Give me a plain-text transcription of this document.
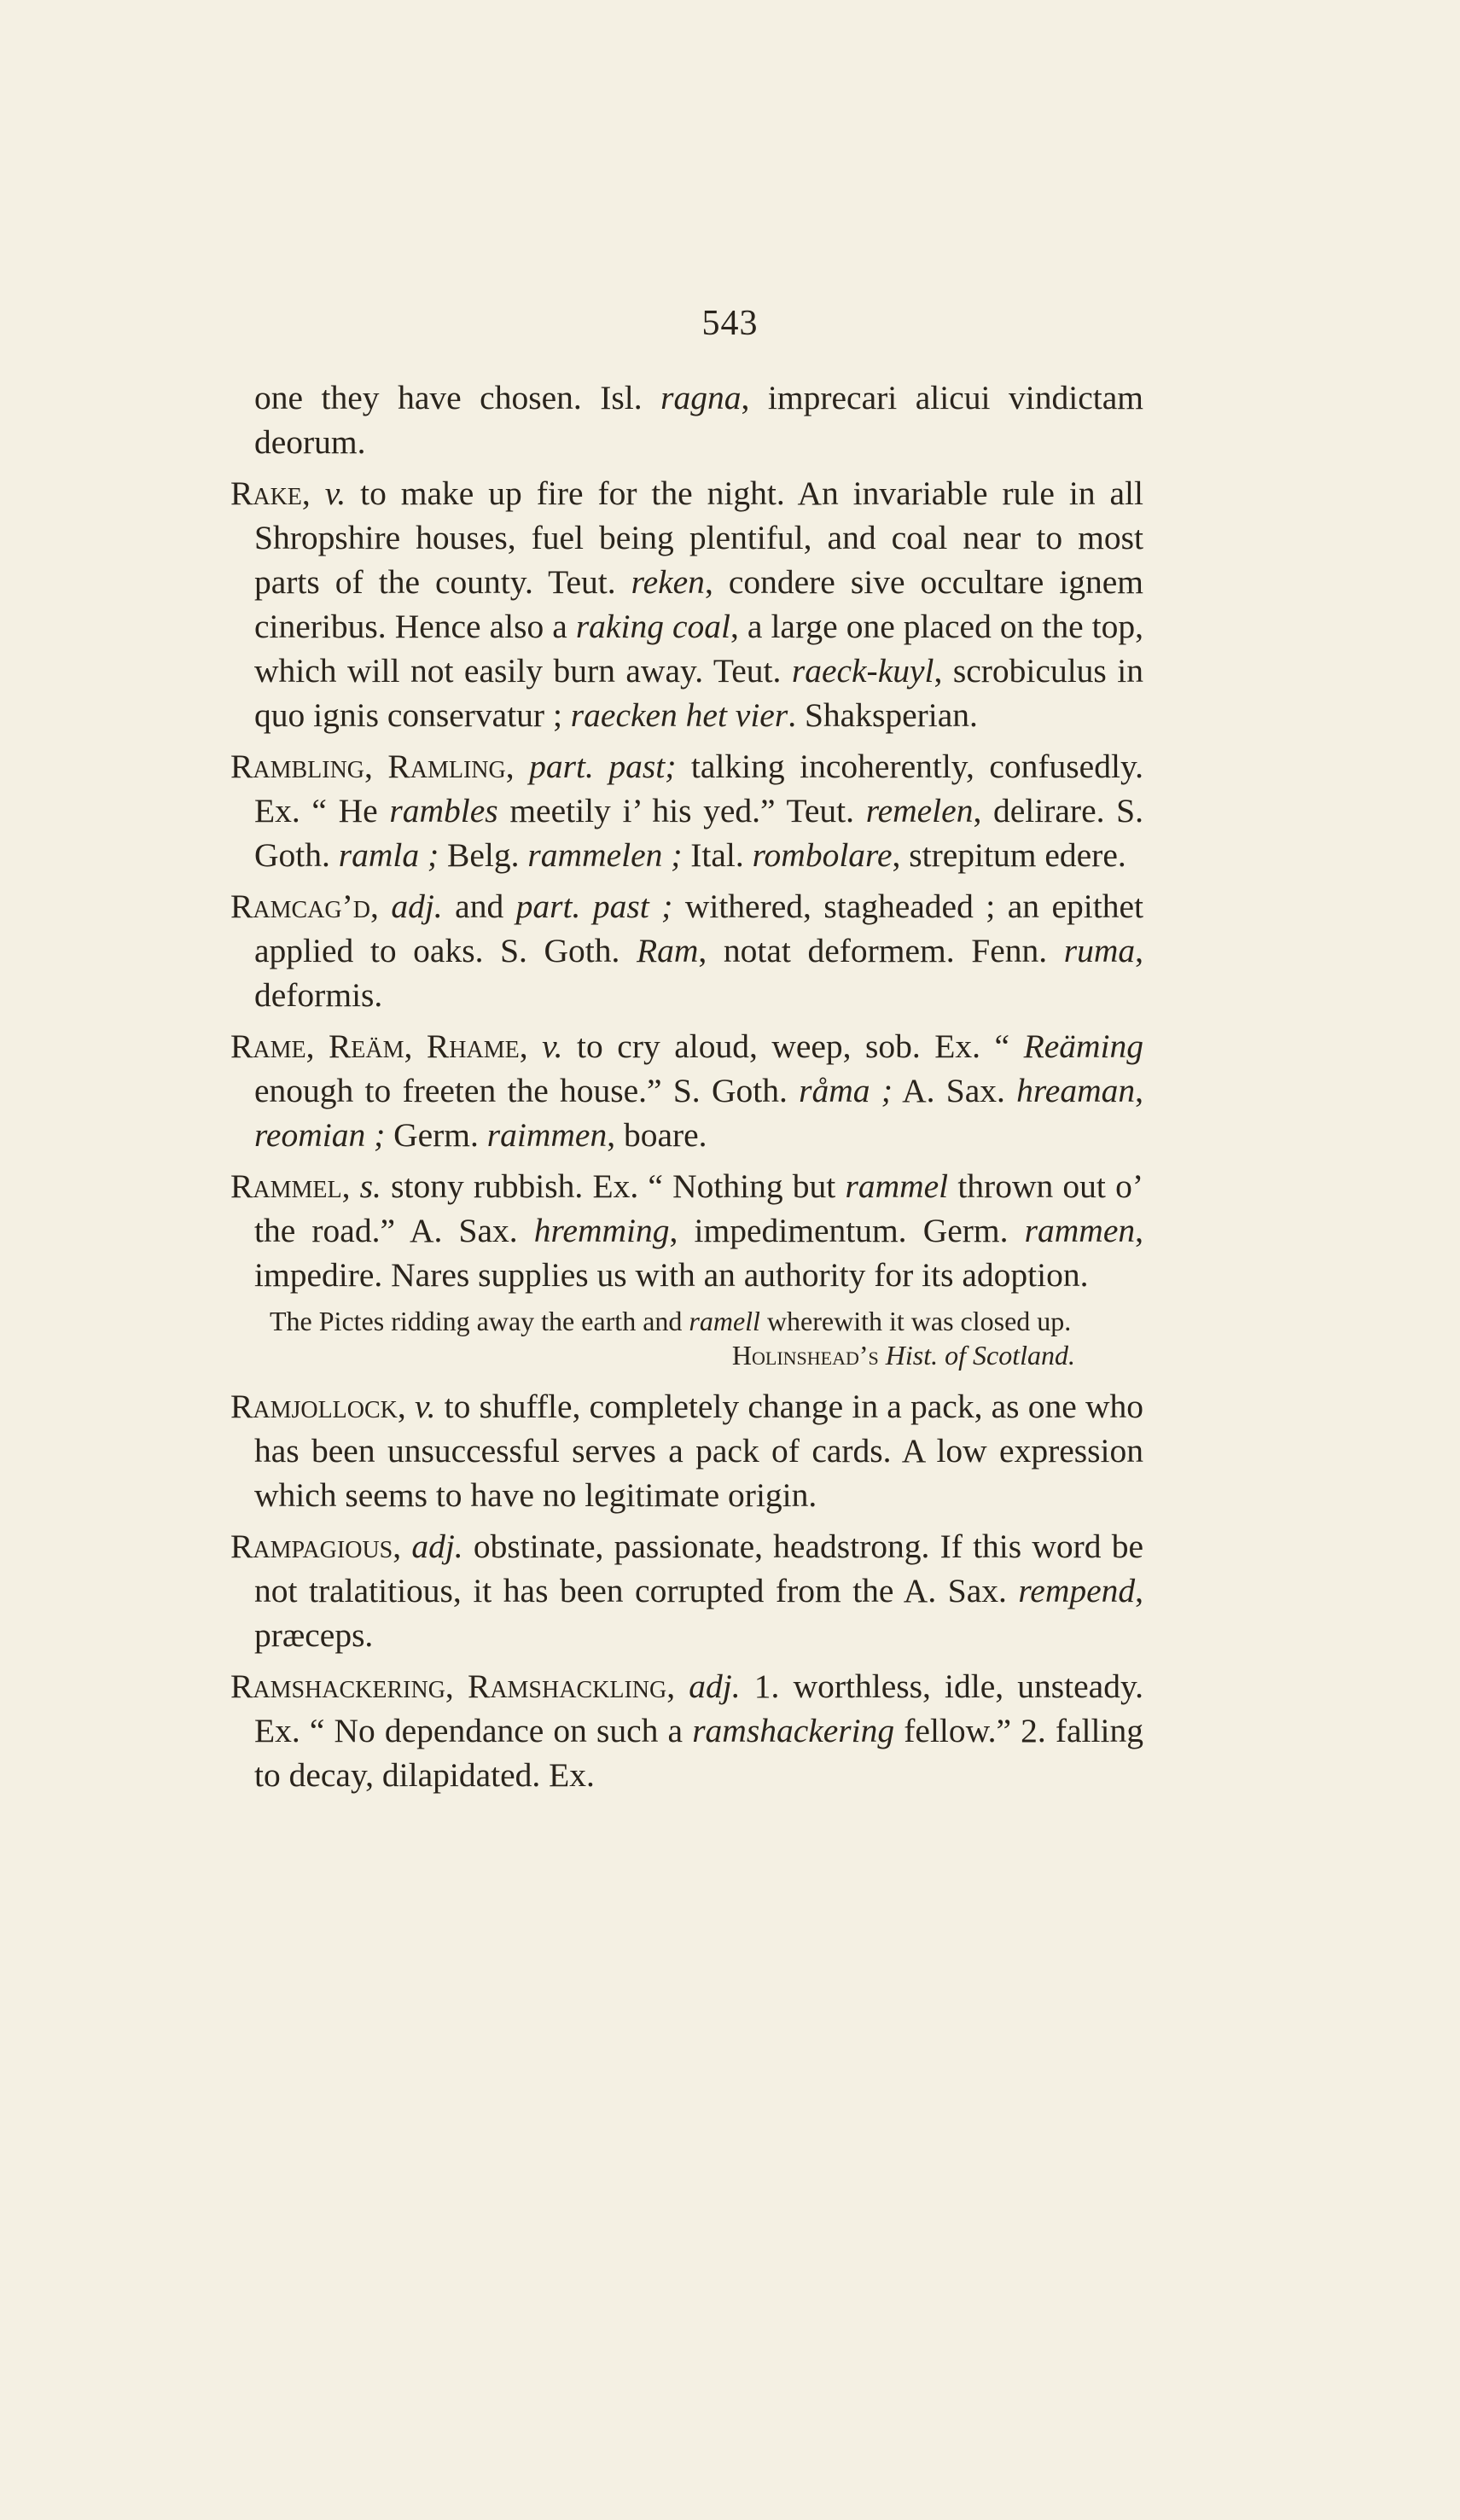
543

one they have chosen. Isl. ragna, imprecari alicui vindictam deorum.

Rake, v. to make up fire for the night. An invariable rule in all Shropshire houses, fuel being plentiful, and coal near to most parts of the county. Teut. reken, condere sive occultare ignem cineribus. Hence also a raking coal, a large one placed on the top, which will not easily burn away. Teut. raeck-kuyl, scrobiculus in quo ignis conservatur ; raecken het vier. Shaksperian.

Rambling, Ramling, part. past; talking incoherently, confusedly. Ex. “ He rambles meetily i’ his yed.” Teut. remelen, delirare. S. Goth. ramla ; Belg. rammelen ; Ital. rombolare, strepitum edere.

Ramcag’d, adj. and part. past ; withered, stagheaded ; an epithet applied to oaks. S. Goth. Ram, notat deformem. Fenn. ruma, deformis.

Rame, Reäm, Rhame, v. to cry aloud, weep, sob. Ex. “ Reäming enough to freeten the house.” S. Goth. råma ; A. Sax. hreaman, reomian ; Germ. raimmen, boare.

Rammel, s. stony rubbish. Ex. “ Nothing but rammel thrown out o’ the road.” A. Sax. hremming, impedimentum. Germ. rammen, impedire. Nares supplies us with an authority for its adoption.

The Pictes ridding away the earth and ramell wherewith it was closed up.

Holinshead’s Hist. of Scotland.

Ramjollock, v. to shuffle, completely change in a pack, as one who has been unsuccessful serves a pack of cards. A low expression which seems to have no legitimate origin.

Rampagious, adj. obstinate, passionate, headstrong. If this word be not tralatitious, it has been corrupted from the A. Sax. rempend, præceps.

Ramshackering, Ramshackling, adj. 1. worthless, idle, unsteady. Ex. “ No dependance on such a ramshackering fellow.” 2. falling to decay, dilapidated. Ex.
